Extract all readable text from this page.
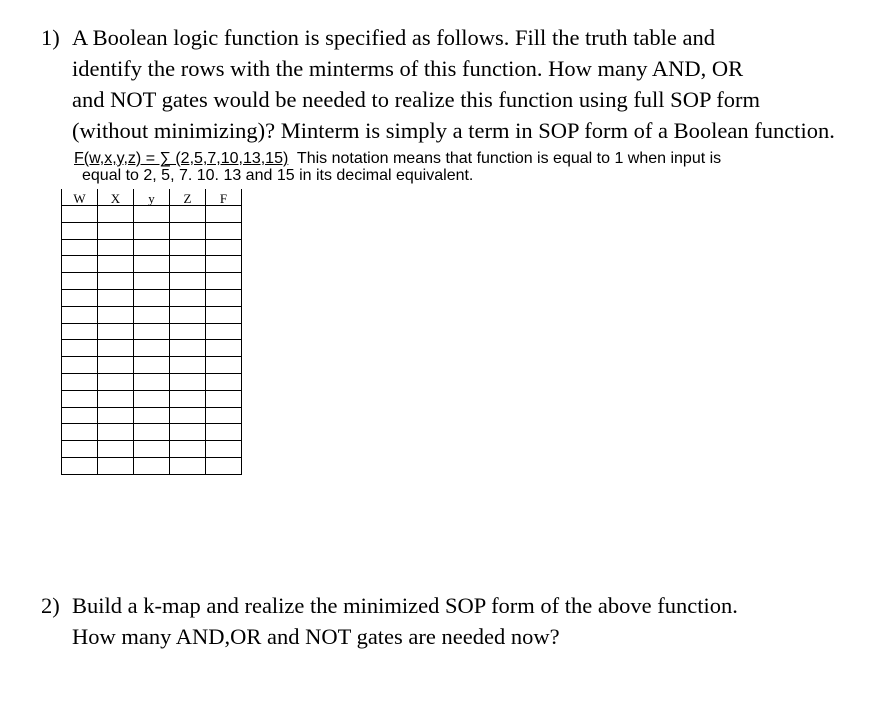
1) A Boolean logic function is specified as follows. Fill the truth table and
identify the rows with the minterms of this function. How many AND, OR
and NOT gates would be needed to realize this function using full SOP form
(without minimizing)? Minterm is simply a term in SOP form of a Boolean function.
F(w,x,y,z) = ∑ (2,5,7,10,13,15)  This notation means that function is equal to 1 when input is
equal to 2, 5, 7. 10. 13 and 15 in its decimal equivalent.
W	X	y	Z	F

2) Build a k-map and realize the minimized SOP form of the above function.
How many AND,OR and NOT gates are needed now?
